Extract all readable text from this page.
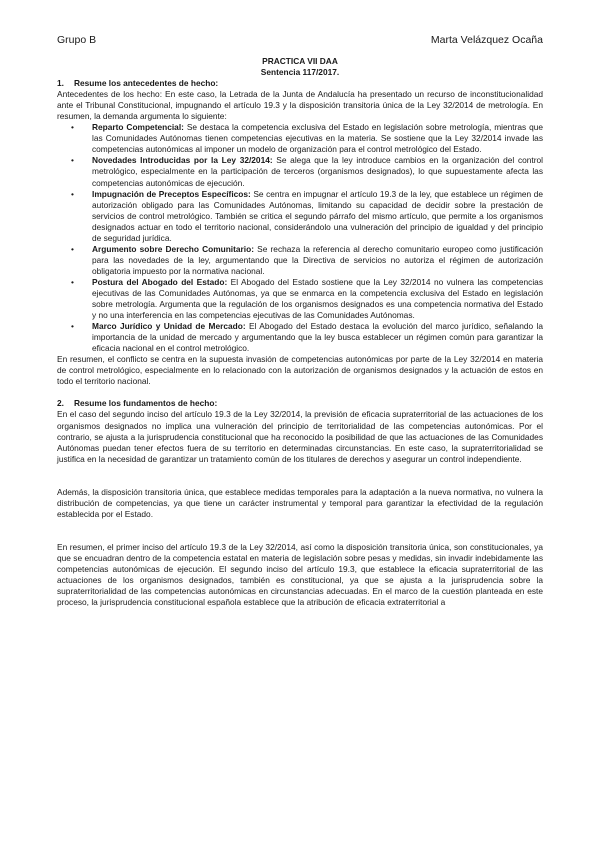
Grupo B	Marta Velázquez Ocaña

PRACTICA VII DAA

Sentencia 117/2017.

1. Resume los antecedentes de hecho:

Antecedentes de los hecho: En este caso, la Letrada de la Junta de Andalucía ha presentado un recurso de inconstitucionalidad ante el Tribunal Constitucional, impugnando el artículo 19.3 y la disposición transitoria única de la Ley 32/2014 de metrología. En resumen, la demanda argumenta lo siguiente:

• Reparto Competencial: Se destaca la competencia exclusiva del Estado en legislación sobre metrología, mientras que las Comunidades Autónomas tienen competencias ejecutivas en la materia. Se sostiene que la Ley 32/2014 invade las competencias autonómicas al imponer un modelo de organización para el control metrológico del Estado.
• Novedades Introducidas por la Ley 32/2014: Se alega que la ley introduce cambios en la organización del control metrológico, especialmente en la participación de terceros (organismos designados), lo que supuestamente afecta las competencias autonómicas de ejecución.
• Impugnación de Preceptos Específicos: Se centra en impugnar el artículo 19.3 de la ley, que establece un régimen de autorización obligado para las Comunidades Autónomas, limitando su capacidad de decidir sobre la prestación de servicios de control metrológico. También se critica el segundo párrafo del mismo artículo, que permite a los organismos designados actuar en todo el territorio nacional, considerándolo una vulneración del principio de igualdad y del principio de seguridad jurídica.
• Argumento sobre Derecho Comunitario: Se rechaza la referencia al derecho comunitario europeo como justificación para las novedades de la ley, argumentando que la Directiva de servicios no autoriza el régimen de autorización obligatoria impuesto por la normativa nacional.
• Postura del Abogado del Estado: El Abogado del Estado sostiene que la Ley 32/2014 no vulnera las competencias ejecutivas de las Comunidades Autónomas, ya que se enmarca en la competencia exclusiva del Estado en legislación sobre metrología. Argumenta que la regulación de los organismos designados es una competencia normativa del Estado y no una interferencia en las competencias ejecutivas de las Comunidades Autónomas.
• Marco Jurídico y Unidad de Mercado: El Abogado del Estado destaca la evolución del marco jurídico, señalando la importancia de la unidad de mercado y argumentando que la ley busca establecer un régimen común para garantizar la eficacia nacional en el control metrológico.

En resumen, el conflicto se centra en la supuesta invasión de competencias autonómicas por parte de la Ley 32/2014 en materia de control metrológico, especialmente en lo relacionado con la autorización de organismos designados y la actuación de estos en todo el territorio nacional.

2. Resume los fundamentos de hecho:

En el caso del segundo inciso del artículo 19.3 de la Ley 32/2014, la previsión de eficacia supraterritorial de las actuaciones de los organismos designados no implica una vulneración del principio de territorialidad de las competencias autonómicas. Por el contrario, se ajusta a la jurisprudencia constitucional que ha reconocido la posibilidad de que las actuaciones de las Comunidades Autónomas puedan tener efectos fuera de su territorio en determinadas circunstancias. En este caso, la supraterritorialidad se justifica en la necesidad de garantizar un tratamiento común de los titulares de derechos y asegurar un control independiente.

Además, la disposición transitoria única, que establece medidas temporales para la adaptación a la nueva normativa, no vulnera la distribución de competencias, ya que tiene un carácter instrumental y temporal para garantizar la efectividad de la regulación establecida por el Estado.

En resumen, el primer inciso del artículo 19.3 de la Ley 32/2014, así como la disposición transitoria única, son constitucionales, ya que se encuadran dentro de la competencia estatal en materia de legislación sobre pesas y medidas, sin invadir indebidamente las competencias autonómicas de ejecución. El segundo inciso del artículo 19.3, que establece la eficacia supraterritorial de las actuaciones de los organismos designados, también es constitucional, ya que se ajusta a la jurisprudencia sobre la supraterritorialidad de las competencias autonómicas en circunstancias adecuadas. En el marco de la cuestión planteada en este proceso, la jurisprudencia constitucional española establece que la atribución de eficacia extraterritorial a
